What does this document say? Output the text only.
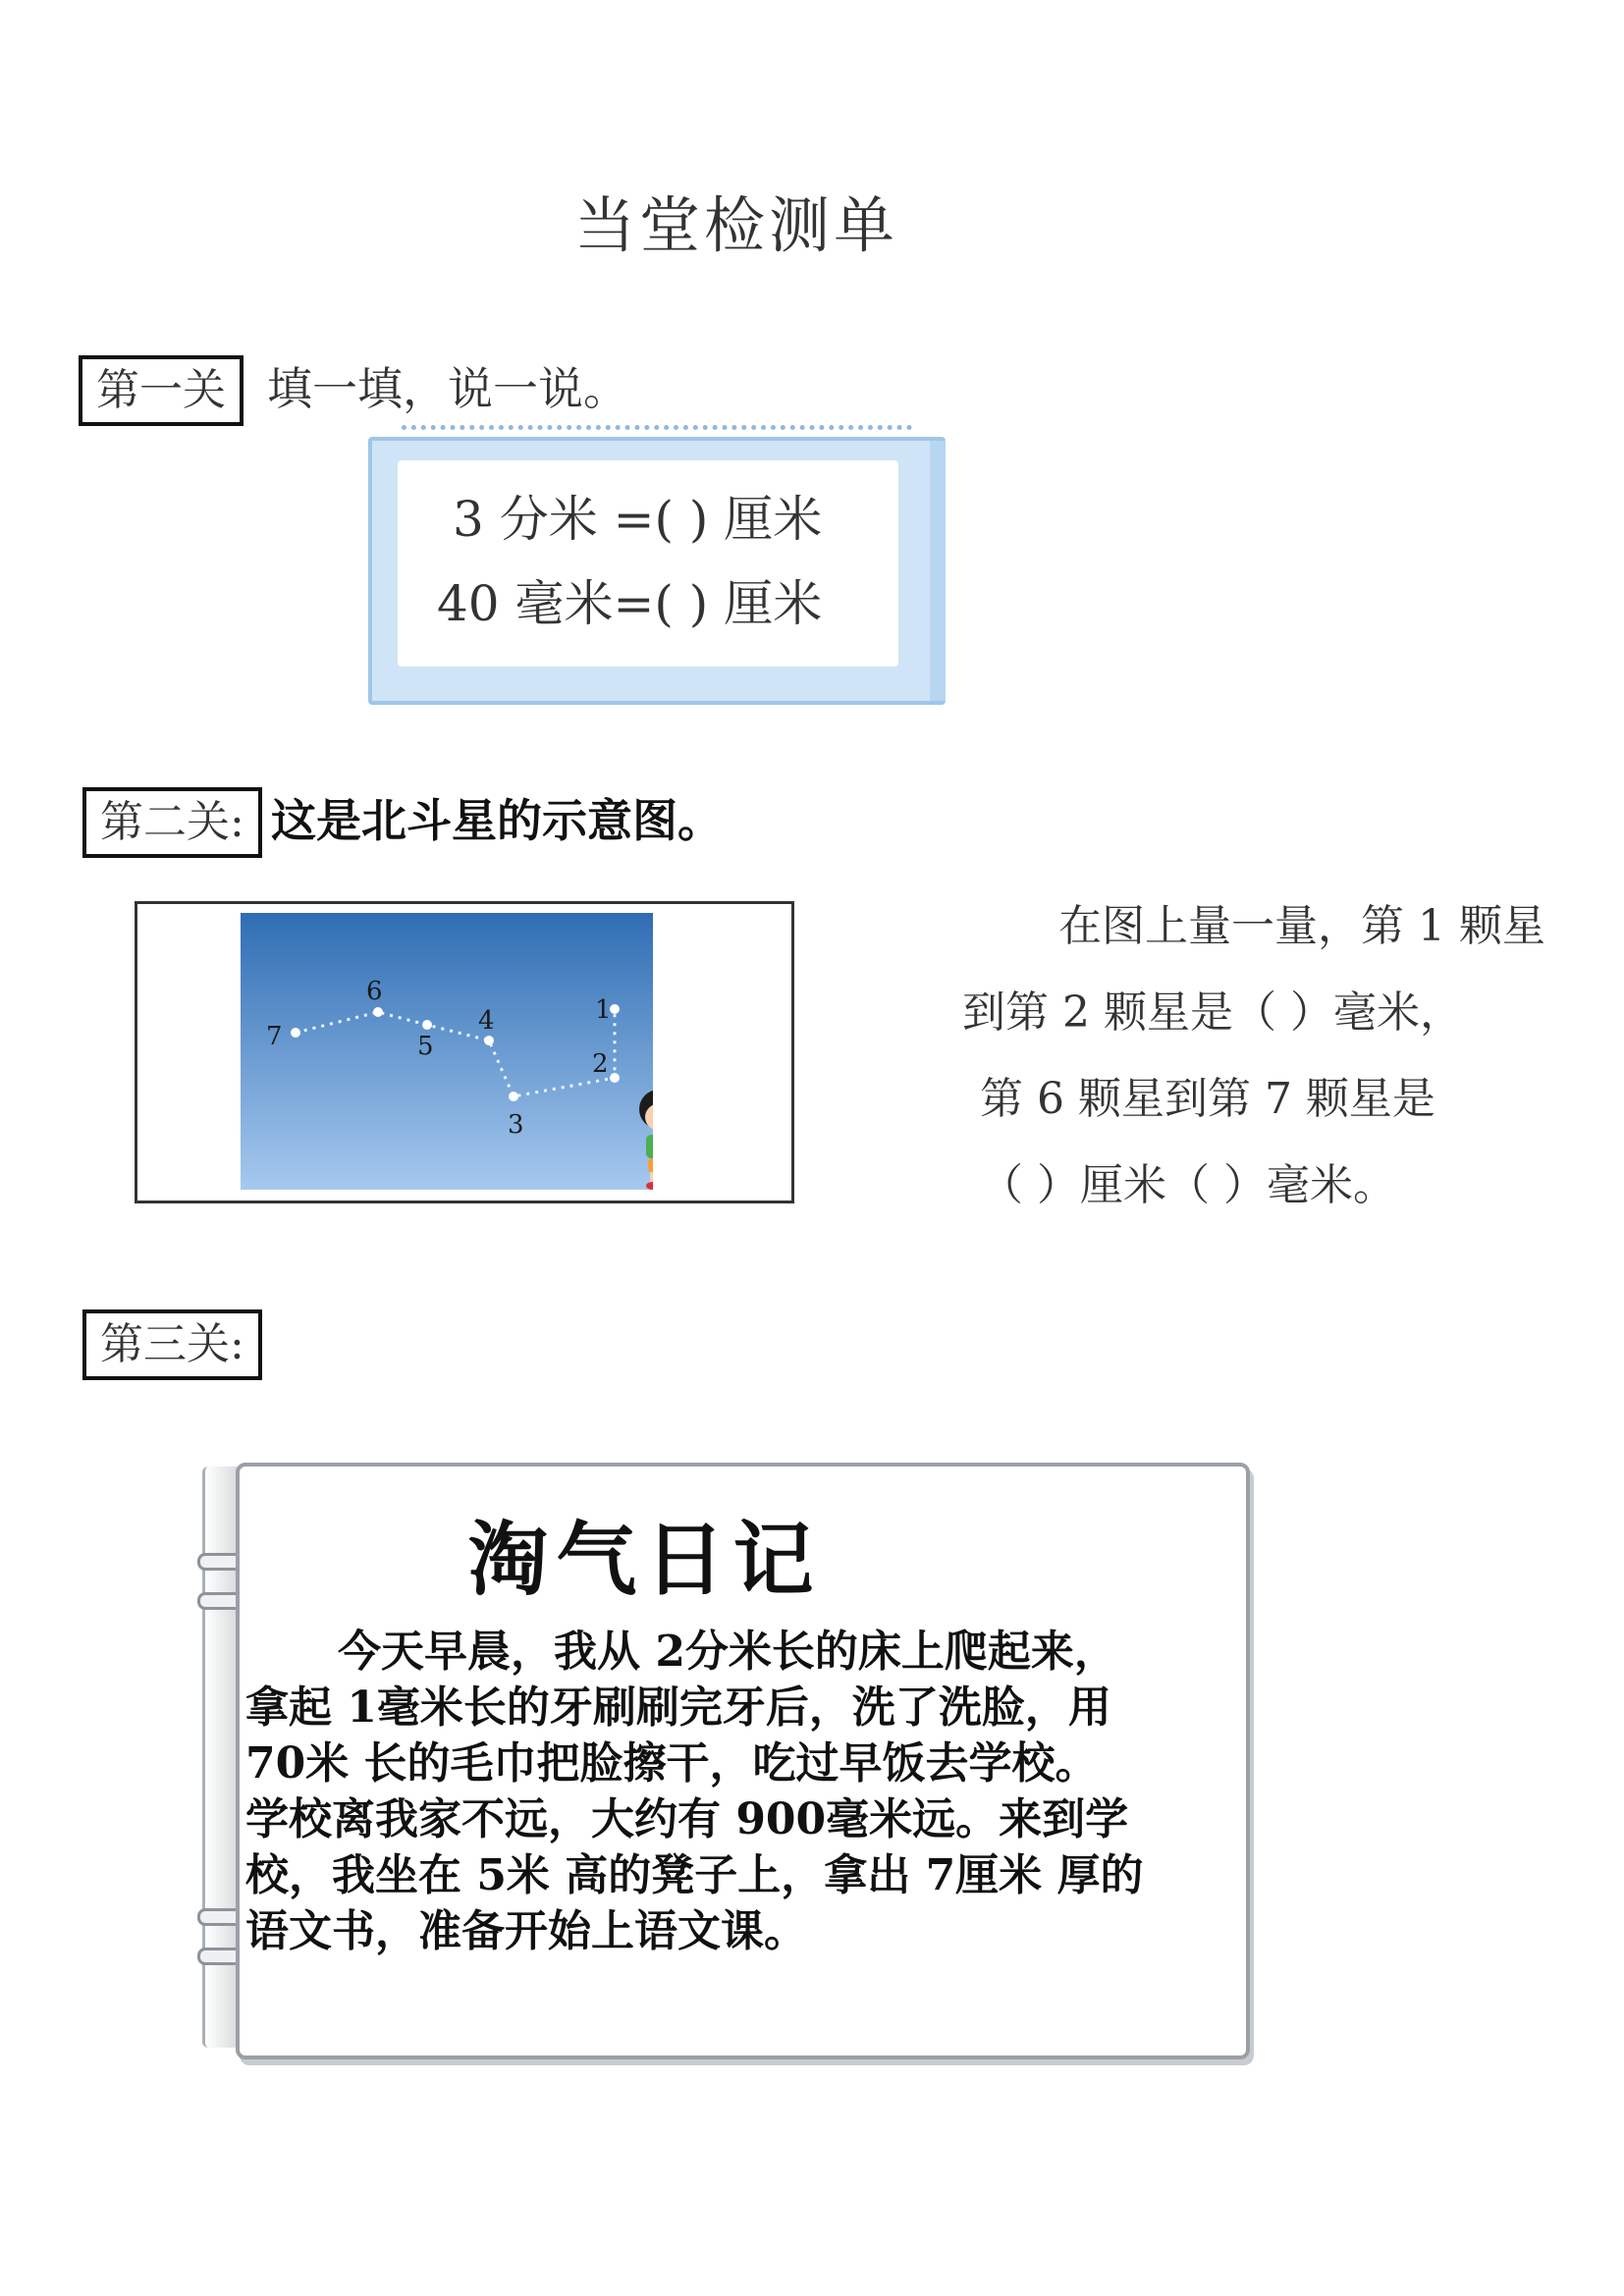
当堂检测单
第一关 填一填，说一说。
3 分米 =( ) 厘米
40 毫米=( ) 厘米
第二关: 这是北斗星的示意图。
1
2
3
4
5
6
7
在图上量一量，第 1 颗星
到第 2 颗星是（ ）毫米，
第 6 颗星到第 7 颗星是
（ ）厘米（ ）毫米。
第三关:
淘气日记
今天早晨，我从 2分米长的床上爬起来，
拿起 1毫米长的牙刷刷完牙后，洗了洗脸，用
70米 长的毛巾把脸擦干，吃过早饭去学校。
学校离我家不远，大约有 900毫米远。来到学
校，我坐在 5米 高的凳子上，拿出 7厘米 厚的
语文书，准备开始上语文课。
